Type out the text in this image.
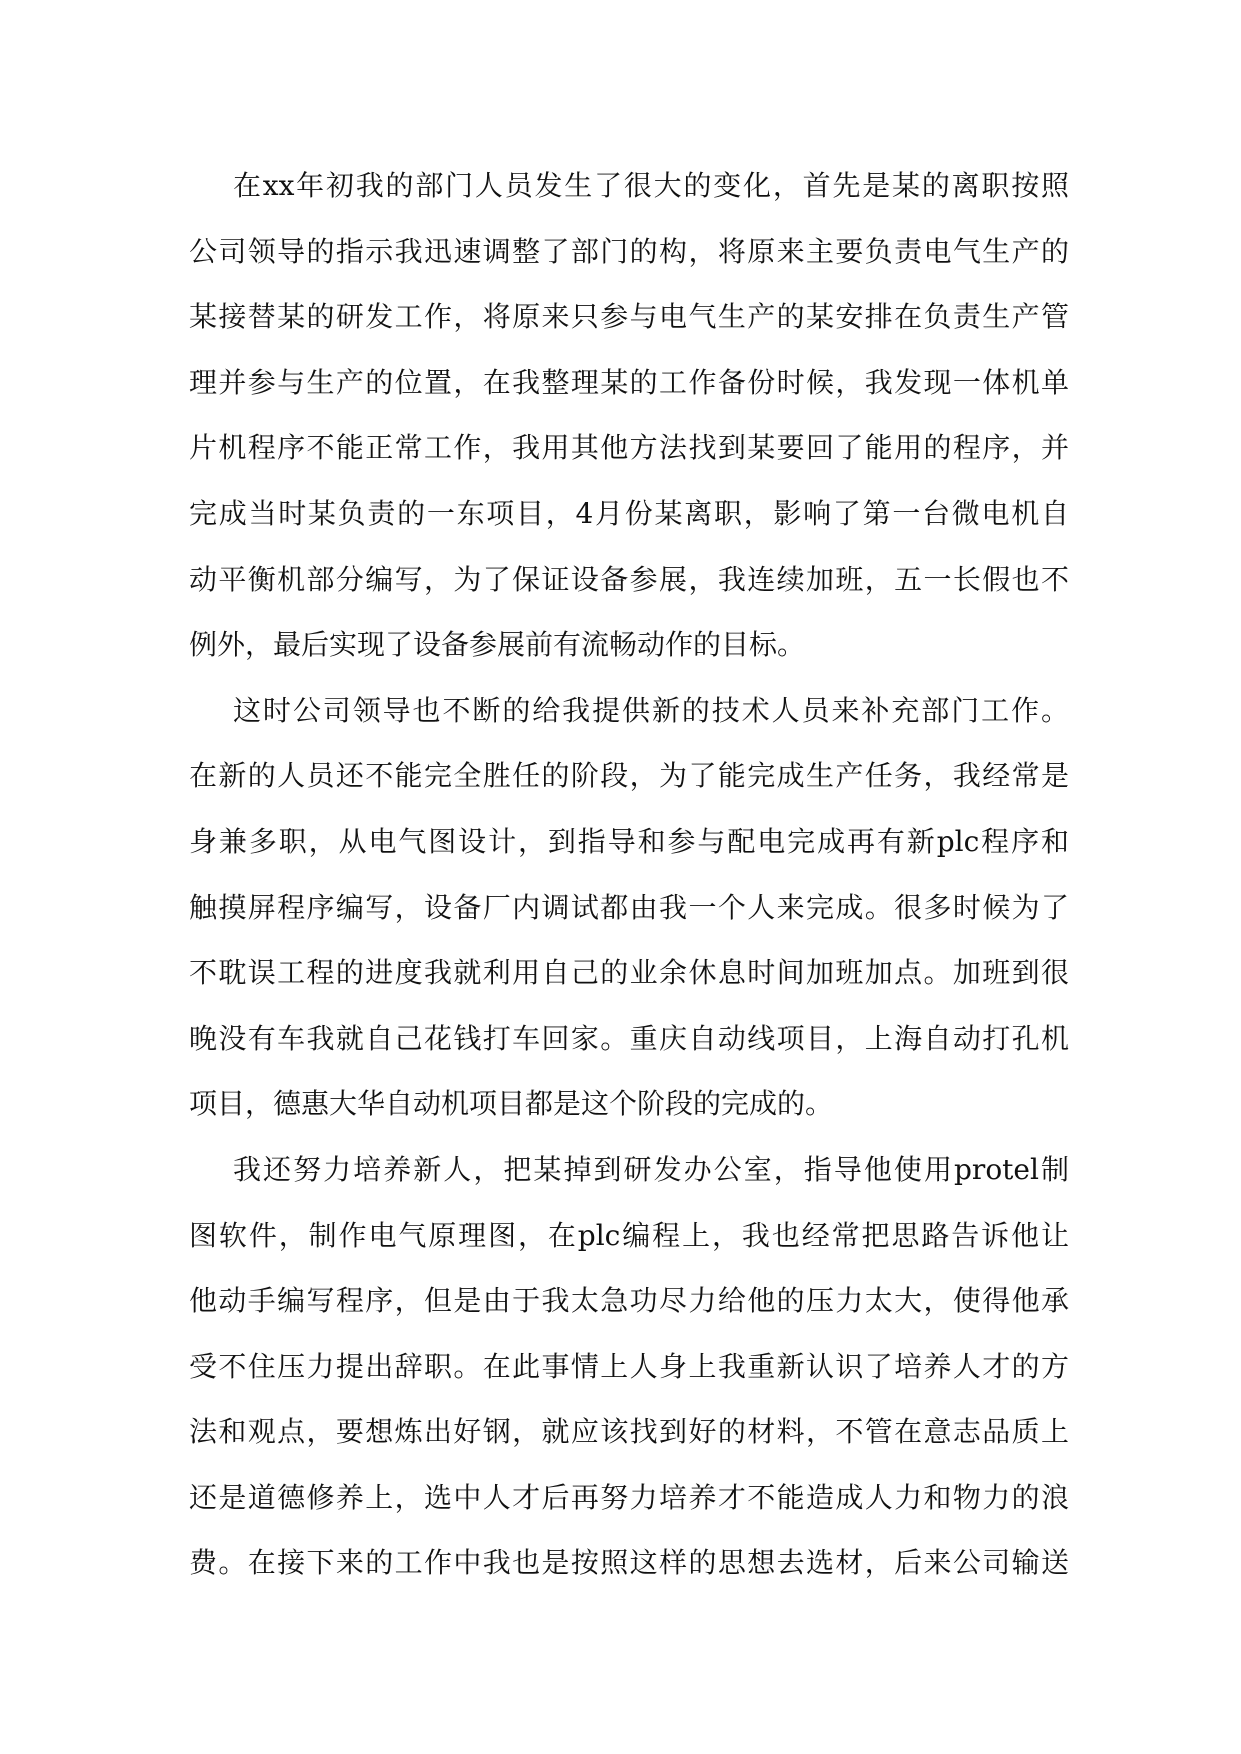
在xx年初我的部门人员发生了很大的变化，首先是某的离职按照
公司领导的指示我迅速调整了部门的构，将原来主要负责电气生产的
某接替某的研发工作，将原来只参与电气生产的某安排在负责生产管
理并参与生产的位置，在我整理某的工作备份时候，我发现一体机单
片机程序不能正常工作，我用其他方法找到某要回了能用的程序，并
完成当时某负责的一东项目，4月份某离职，影响了第一台微电机自
动平衡机部分编写，为了保证设备参展，我连续加班，五一长假也不
例外，最后实现了设备参展前有流畅动作的目标。
这时公司领导也不断的给我提供新的技术人员来补充部门工作。
在新的人员还不能完全胜任的阶段，为了能完成生产任务，我经常是
身兼多职，从电气图设计，到指导和参与配电完成再有新plc程序和
触摸屏程序编写，设备厂内调试都由我一个人来完成。很多时候为了
不耽误工程的进度我就利用自己的业余休息时间加班加点。加班到很
晚没有车我就自己花钱打车回家。重庆自动线项目，上海自动打孔机
项目，德惠大华自动机项目都是这个阶段的完成的。
我还努力培养新人，把某掉到研发办公室，指导他使用protel制
图软件，制作电气原理图，在plc编程上，我也经常把思路告诉他让
他动手编写程序，但是由于我太急功尽力给他的压力太大，使得他承
受不住压力提出辞职。在此事情上人身上我重新认识了培养人才的方
法和观点，要想炼出好钢，就应该找到好的材料，不管在意志品质上
还是道德修养上，选中人才后再努力培养才不能造成人力和物力的浪
费。在接下来的工作中我也是按照这样的思想去选材，后来公司输送
